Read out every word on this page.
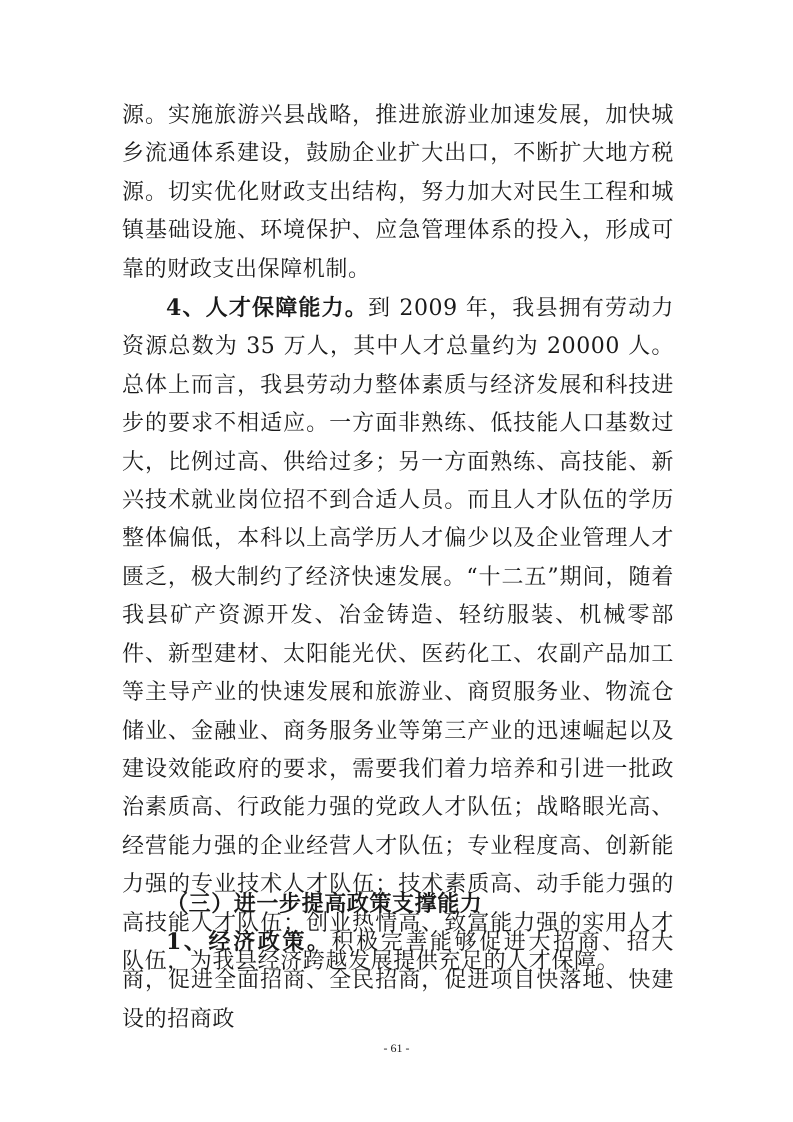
源。实施旅游兴县战略，推进旅游业加速发展，加快城乡流通体系建设，鼓励企业扩大出口，不断扩大地方税源。切实优化财政支出结构，努力加大对民生工程和城镇基础设施、环境保护、应急管理体系的投入，形成可靠的财政支出保障机制。

4、人才保障能力。到 2009 年，我县拥有劳动力资源总数为 35 万人，其中人才总量约为 20000 人。总体上而言，我县劳动力整体素质与经济发展和科技进步的要求不相适应。一方面非熟练、低技能人口基数过大，比例过高、供给过多；另一方面熟练、高技能、新兴技术就业岗位招不到合适人员。而且人才队伍的学历整体偏低，本科以上高学历人才偏少以及企业管理人才匮乏，极大制约了经济快速发展。“十二五”期间，随着我县矿产资源开发、冶金铸造、轻纺服装、机械零部件、新型建材、太阳能光伏、医药化工、农副产品加工等主导产业的快速发展和旅游业、商贸服务业、物流仓储业、金融业、商务服务业等第三产业的迅速崛起以及建设效能政府的要求，需要我们着力培养和引进一批政治素质高、行政能力强的党政人才队伍；战略眼光高、经营能力强的企业经营人才队伍；专业程度高、创新能力强的专业技术人才队伍；技术素质高、动手能力强的高技能人才队伍；创业热情高、致富能力强的实用人才队伍，为我县经济跨越发展提供充足的人才保障。

（三）进一步提高政策支撑能力

1、经济政策。积极完善能够促进大招商、招大商，促进全面招商、全民招商，促进项目快落地、快建设的招商政

- 61 -
